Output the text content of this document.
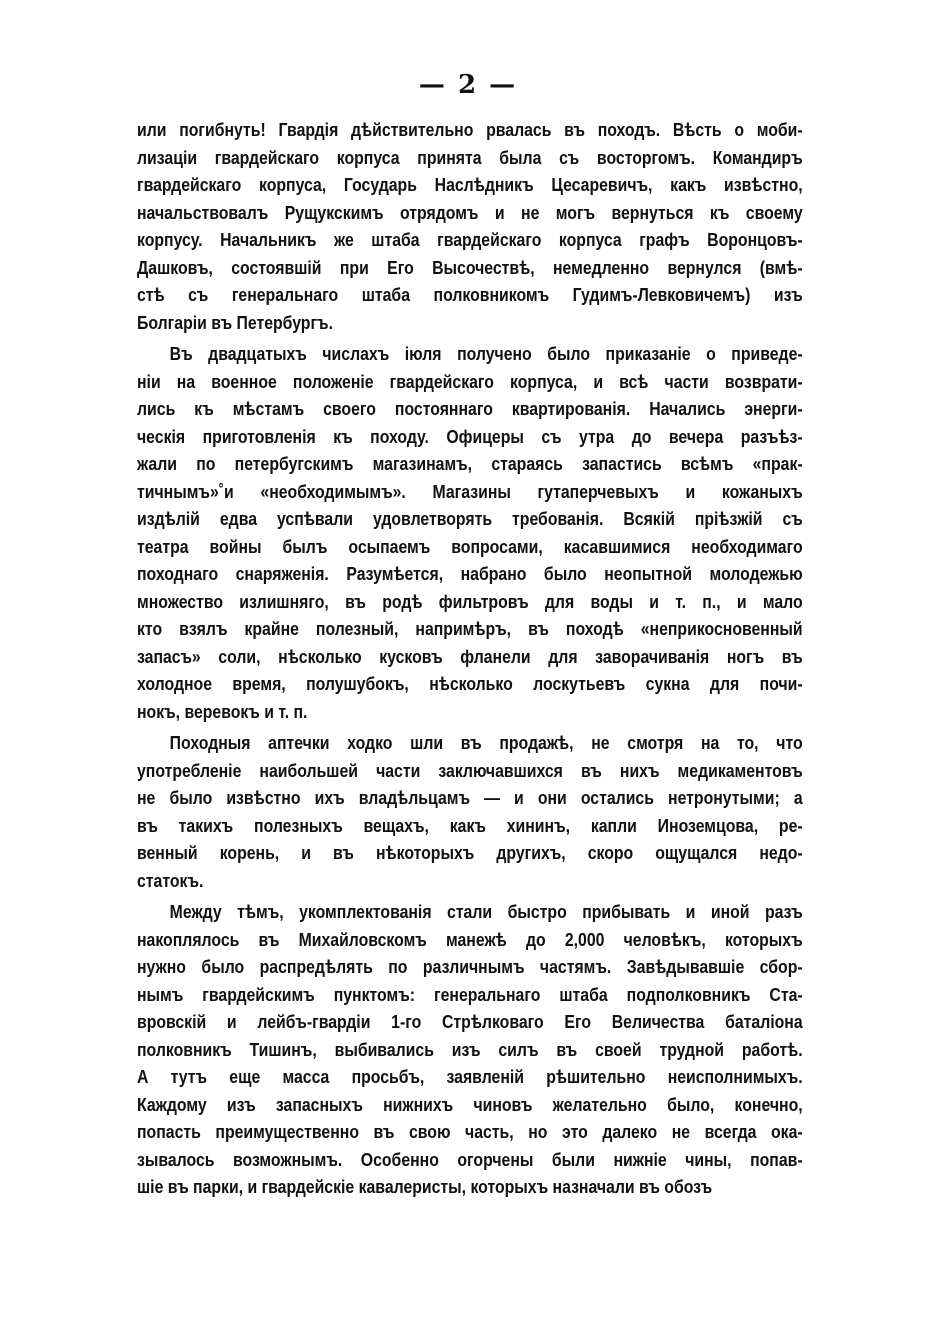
— 2 —
или погибнуть! Гвардія дѣйствительно рвалась въ походъ. Вѣсть о моби-
лизаціи гвардейскаго корпуса принята была съ восторгомъ. Командиръ
гвардейскаго корпуса, Государь Наслѣдникъ Цесаревичъ, какъ извѣстно,
начальствовалъ Рущукскимъ отрядомъ и не могъ вернуться къ своему
корпусу. Начальникъ же штаба гвардейскаго корпуса графъ Воронцовъ-
Дашковъ, состоявшій при Его Высочествѣ, немедленно вернулся (вмѣ-
стѣ съ генеральнаго штаба полковникомъ Гудимъ-Левковичемъ) изъ
Болгаріи въ Петербургъ.
Въ двадцатыхъ числахъ іюля получено было приказаніе о приведе-
ніи на военное положеніе гвардейскаго корпуса, и всѣ части возврати-
лись къ мѣстамъ своего постояннаго квартированія. Начались энерги-
ческія приготовленія къ походу. Офицеры съ утра до вечера разъѣз-
жали по петербугскимъ магазинамъ, стараясь запастись всѣмъ «прак-
тичнымъ»˚и «необходимымъ». Магазины гутаперчевыхъ и кожаныхъ
издѣлій едва успѣвали удовлетворять требованія. Всякій пріѣзжій съ
театра войны былъ осыпаемъ вопросами, касавшимися необходимаго
походнаго снаряженія. Разумѣется, набрано было неопытной молодежью
множество излишняго, въ родѣ фильтровъ для воды и т. п., и мало
кто взялъ крайне полезный, напримѣръ, въ походѣ «неприкосновенный
запасъ» соли, нѣсколько кусковъ фланели для заворачиванія ногъ въ
холодное время, полушубокъ, нѣсколько лоскутьевъ сукна для почи-
нокъ, веревокъ и т. п.
Походныя аптечки ходко шли въ продажѣ, не смотря на то, что
употребленіе наибольшей части заключавшихся въ нихъ медикаментовъ
не было извѣстно ихъ владѣльцамъ — и они остались нетронутыми; а
въ такихъ полезныхъ вещахъ, какъ хининъ, капли Иноземцова, ре-
венный корень, и въ нѣкоторыхъ другихъ, скоро ощущался недо-
статокъ.
Между тѣмъ, укомплектованія стали быстро прибывать и иной разъ
накоплялось въ Михайловскомъ манежѣ до 2,000 человѣкъ, которыхъ
нужно было распредѣлять по различнымъ частямъ. Завѣдывавшіе сбор-
нымъ гвардейскимъ пунктомъ: генеральнаго штаба подполковникъ Ста-
вровскій и лейбъ-гвардіи 1-го Стрѣлковаго Его Величества баталіона
полковникъ Тишинъ, выбивались изъ силъ въ своей трудной работѣ.
А тутъ еще масса просьбъ, заявленій рѣшительно неисполнимыхъ.
Каждому изъ запасныхъ нижнихъ чиновъ желательно было, конечно,
попасть преимущественно въ свою часть, но это далеко не всегда ока-
зывалось возможнымъ. Особенно огорчены были нижніе чины, попав-
шіе въ парки, и гвардейскіе кавалеристы, которыхъ назначали въ обозъ
